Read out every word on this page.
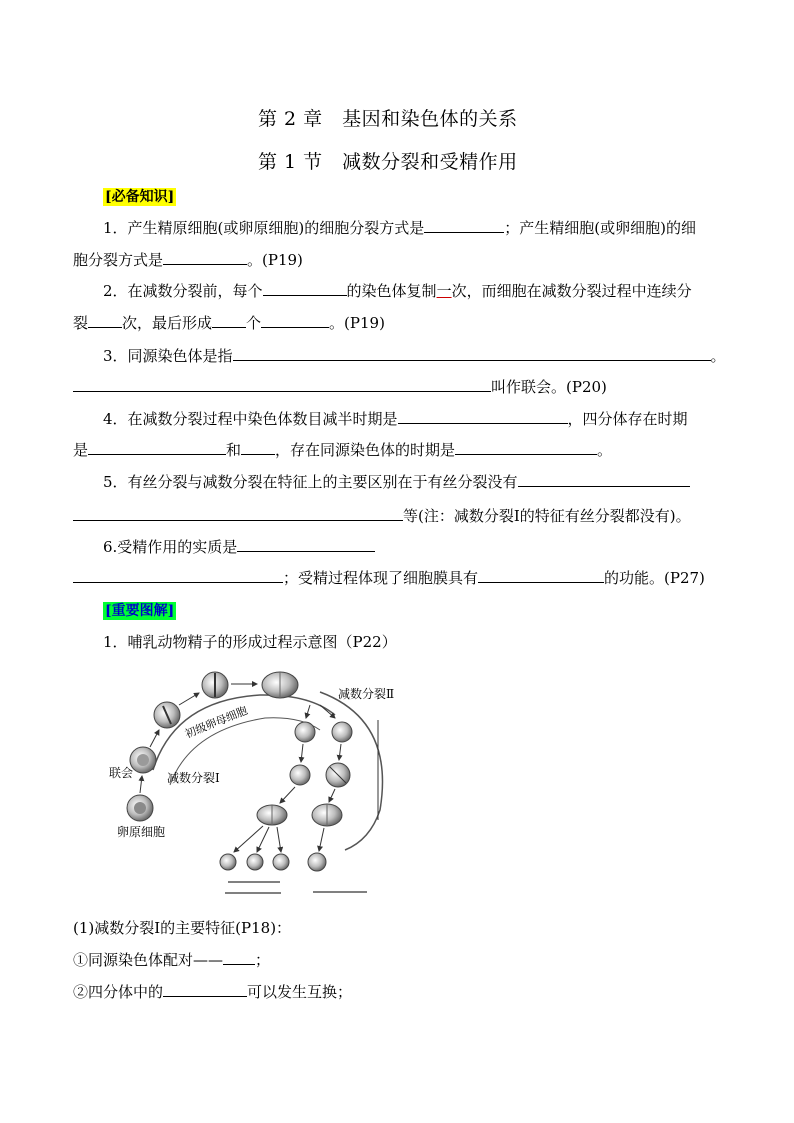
第 2 章　基因和染色体的关系
第 1 节　减数分裂和受精作用
[必备知识]
1．产生精原细胞(或卵原细胞)的细胞分裂方式是	；产生精细胞(或卵细胞)的细
胞分裂方式是	。(P19)
2．在减数分裂前，每个	的染色体复制一次，而细胞在减数分裂过程中连续分
裂 次，最后形成 个	。(P19)
3．同源染色体是指	。
叫作联会。(P20)
4．在减数分裂过程中染色体数目减半时期是	，四分体存在时期
是	和 ，存在同源染色体的时期是	。
5．有丝分裂与减数分裂在特征上的主要区别在于有丝分裂没有
等(注：减数分裂Ⅰ的特征有丝分裂都没有)。
6.受精作用的实质是
；受精过程体现了细胞膜具有	的功能。(P27)
[重要图解]
1．哺乳动物精子的形成过程示意图（P22）
减数分裂Ⅱ
初级卵母细胞
联会	减数分裂Ⅰ
卵原细胞
(1)减数分裂Ⅰ的主要特征(P18)：
①同源染色体配对—— ；
②四分体中的	可以发生互换；
